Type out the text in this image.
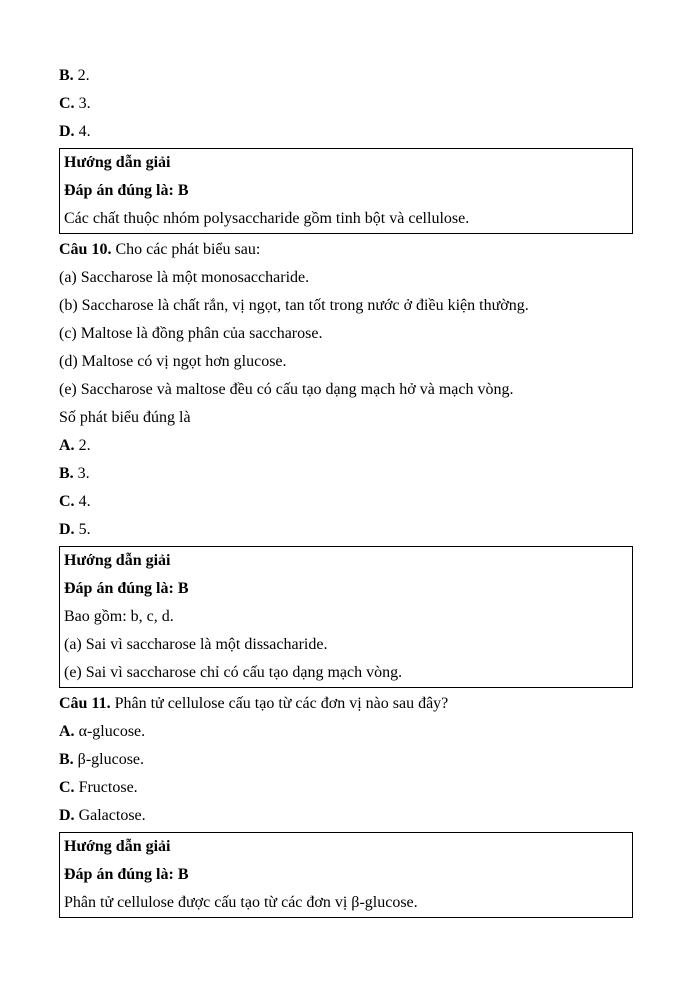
B. 2.

C. 3.

D. 4.

Hướng dẫn giải

Đáp án đúng là: B

Các chất thuộc nhóm polysaccharide gồm tinh bột và cellulose.

Câu 10. Cho các phát biểu sau:

(a) Saccharose là một monosaccharide.

(b) Saccharose là chất rắn, vị ngọt, tan tốt trong nước ở điều kiện thường.

(c) Maltose là đồng phân của saccharose.

(d) Maltose có vị ngọt hơn glucose.

(e) Saccharose và maltose đều có cấu tạo dạng mạch hở và mạch vòng.

Số phát biểu đúng là

A. 2.

B. 3.

C. 4.

D. 5.

Hướng dẫn giải

Đáp án đúng là: B

Bao gồm: b, c, d.

(a) Sai vì saccharose là một dissacharide.

(e) Sai vì saccharose chỉ có cấu tạo dạng mạch vòng.

Câu 11. Phân tử cellulose cấu tạo từ các đơn vị nào sau đây?

A. α-glucose.

B. β-glucose.

C. Fructose.

D. Galactose.

Hướng dẫn giải

Đáp án đúng là: B

Phân tử cellulose được cấu tạo từ các đơn vị β-glucose.
